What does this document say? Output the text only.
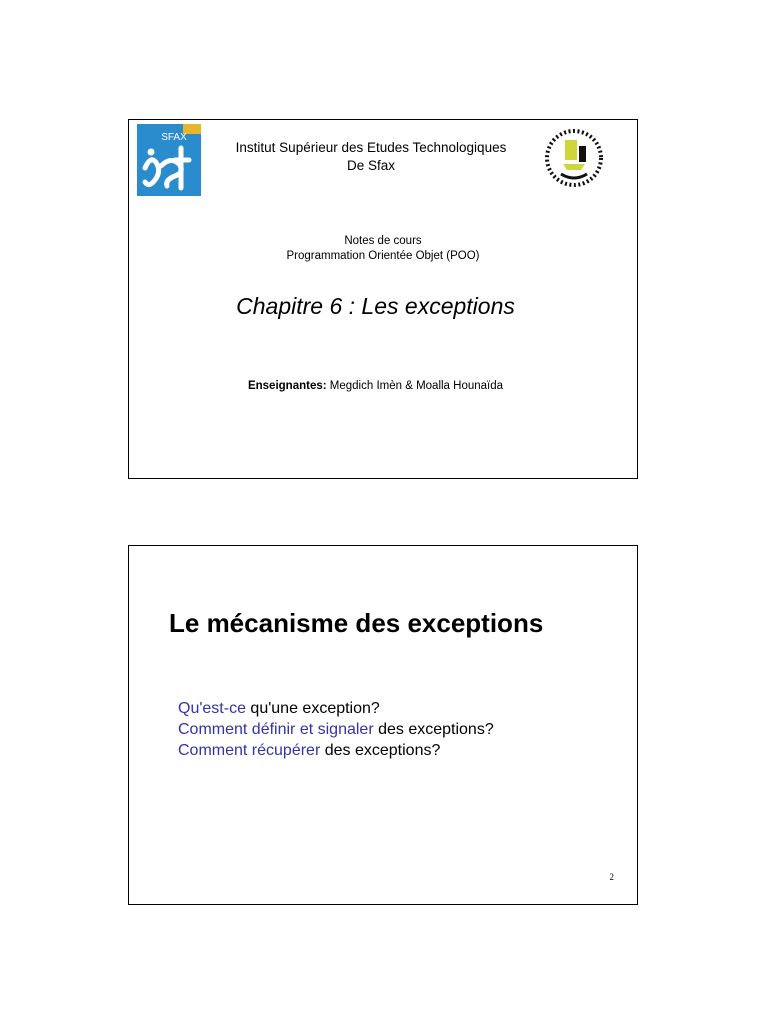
SFAX
Institut Supérieur des Etudes Technologiques
De Sfax
Notes de cours
Programmation Orientée Objet (POO)
Chapitre 6 : Les exceptions
Enseignantes: Megdich Imèn & Moalla Hounaïda
Le mécanisme des exceptions
Qu'est-ce qu'une exception?
Comment définir et signaler des exceptions?
Comment récupérer des exceptions?
2
